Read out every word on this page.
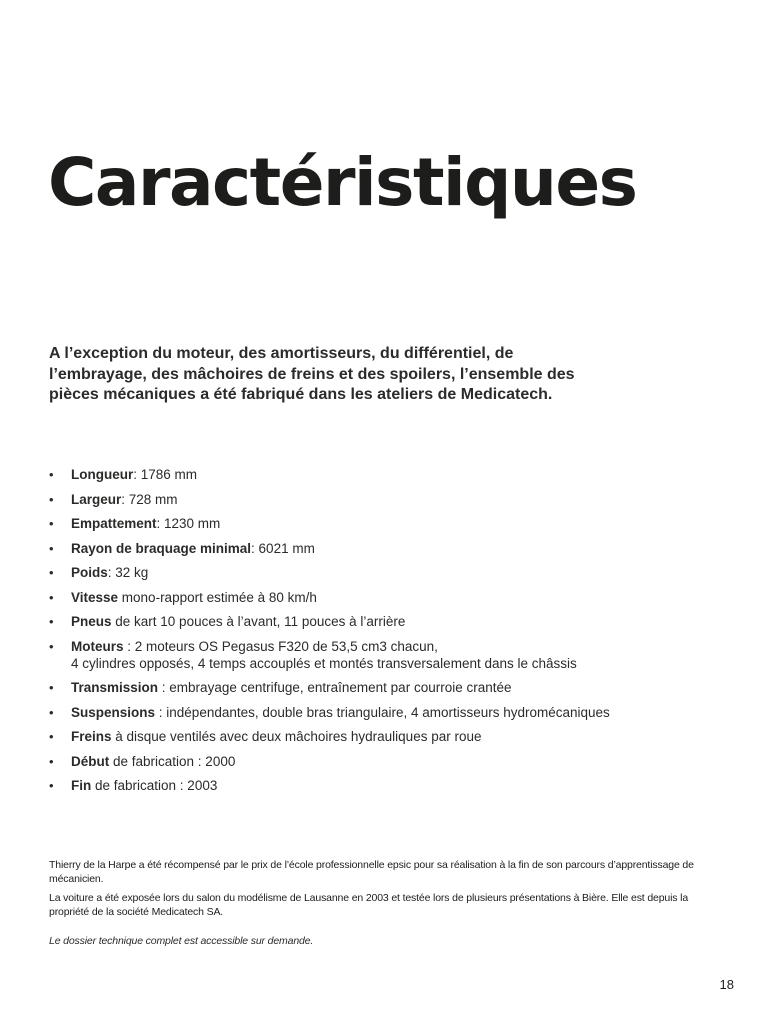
Caractéristiques

A l’exception du moteur, des amortisseurs, du différentiel, de l’embrayage, des mâchoires de freins et des spoilers, l’ensemble des pièces mécaniques a été fabriqué dans les ateliers de Medicatech.

• Longueur: 1786 mm
• Largeur: 728 mm
• Empattement: 1230 mm
• Rayon de braquage minimal: 6021 mm
• Poids: 32 kg
• Vitesse mono-rapport estimée à 80 km/h
• Pneus de kart 10 pouces à l’avant, 11 pouces à l’arrière
• Moteurs : 2 moteurs OS Pegasus F320 de 53,5 cm3 chacun,
4 cylindres opposés, 4 temps accouplés et montés transversalement dans le châssis
• Transmission : embrayage centrifuge, entraînement par courroie crantée
• Suspensions : indépendantes, double bras triangulaire, 4 amortisseurs hydromécaniques
• Freins à disque ventilés avec deux mâchoires hydrauliques par roue
• Début de fabrication : 2000
• Fin de fabrication : 2003

Thierry de la Harpe a été récompensé par le prix de l’école professionnelle epsic pour sa réalisation à la fin de son parcours d’apprentissage de mécanicien.

La voiture a été exposée lors du salon du modélisme de Lausanne en 2003 et testée lors de plusieurs présentations à Bière. Elle est depuis la propriété de la société Medicatech SA.

Le dossier technique complet est accessible sur demande.

18
